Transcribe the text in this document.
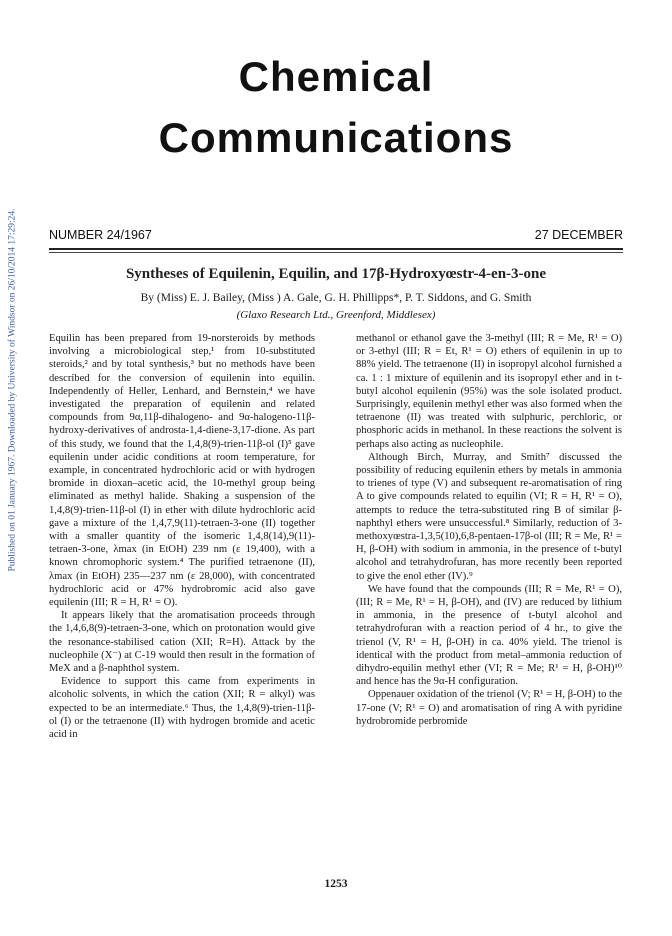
Published on 01 January 1967. Downloaded by University of Windsor on 26/10/2014 17:29:24.
Chemical
Communications
NUMBER 24/1967	27 DECEMBER
Syntheses of Equilenin, Equilin, and 17β-Hydroxyœstr-4-en-3-one
By (Miss) E. J. Bailey, (Miss ) A. Gale, G. H. Phillipps*, P. T. Siddons, and G. Smith
(Glaxo Research Ltd., Greenford, Middlesex)

Equilin has been prepared from 19-norsteroids by methods involving a microbiological step,¹ from 10-substituted steroids,² and by total synthesis,³ but no methods have been described for the conversion of equilenin into equilin. Independently of Heller, Lenhard, and Bernstein,⁴ we have investigated the preparation of equilenin and related compounds from 9α,11β-dihalogeno- and 9α-halogeno-11β-hydroxy-derivatives of androsta-1,4-diene-3,17-dione. As part of this study, we found that the 1,4,8(9)-trien-11β-ol (I)⁵ gave equilenin under acidic conditions at room temperature, for example, in concentrated hydrochloric acid or with hydrogen bromide in dioxan–acetic acid, the 10-methyl group being eliminated as methyl halide. Shaking a suspension of the 1,4,8(9)-trien-11β-ol (I) in ether with dilute hydrochloric acid gave a mixture of the 1,4,7,9(11)-tetraen-3-one (II) together with a smaller quantity of the isomeric 1,4,8(14),9(11)-tetraen-3-one, λmax (in EtOH) 239 nm (ε 19,400), with a known chromophoric system.⁴ The purified tetraenone (II), λmax (in EtOH) 235—237 nm (ε 28,000), with concentrated hydrochloric acid or 47% hydrobromic acid also gave equilenin (III; R = H, R¹ = O).

It appears likely that the aromatisation proceeds through the 1,4,6,8(9)-tetraen-3-one, which on protonation would give the resonance-stabilised cation (XII; R=H). Attack by the nucleophile (X⁻) at C-19 would then result in the formation of MeX and a β-naphthol system.

Evidence to support this came from experiments in alcoholic solvents, in which the cation (XII; R = alkyl) was expected to be an intermediate.⁶ Thus, the 1,4,8(9)-trien-11β-ol (I) or the tetraenone (II) with hydrogen bromide and acetic acid in

methanol or ethanol gave the 3-methyl (III; R = Me, R¹ = O) or 3-ethyl (III; R = Et, R¹ = O) ethers of equilenin in up to 88% yield. The tetraenone (II) in isopropyl alcohol furnished a ca. 1 : 1 mixture of equilenin and its isopropyl ether and in t-butyl alcohol equilenin (95%) was the sole isolated product. Surprisingly, equilenin methyl ether was also formed when the tetraenone (II) was treated with sulphuric, perchloric, or phosphoric acids in methanol. In these reactions the solvent is perhaps also acting as nucleophile.

Although Birch, Murray, and Smith⁷ discussed the possibility of reducing equilenin ethers by metals in ammonia to trienes of type (V) and subsequent re-aromatisation of ring A to give compounds related to equilin (VI; R = H, R¹ = O), attempts to reduce the tetra-substituted ring B of similar β-naphthyl ethers were unsuccessful.⁸ Similarly, reduction of 3-methoxyœstra-1,3,5(10),6,8-pentaen-17β-ol (III; R = Me, R¹ = H, β-OH) with sodium in ammonia, in the presence of t-butyl alcohol and tetrahydrofuran, has more recently been reported to give the enol ether (IV).⁹

We have found that the compounds (III; R = Me, R¹ = O), (III; R = Me, R¹ = H, β-OH), and (IV) are reduced by lithium in ammonia, in the presence of t-butyl alcohol and tetrahydrofuran with a reaction period of 4 hr., to give the trienol (V, R¹ = H, β-OH) in ca. 40% yield. The trienol is identical with the product from metal–ammonia reduction of dihydro-equilin methyl ether (VI; R = Me; R¹ = H, β-OH)¹⁰ and hence has the 9α-H configuration.

Oppenauer oxidation of the trienol (V; R¹ = H, β-OH) to the 17-one (V; R¹ = O) and aromatisation of ring A with pyridine hydrobromide perbromide

1253
